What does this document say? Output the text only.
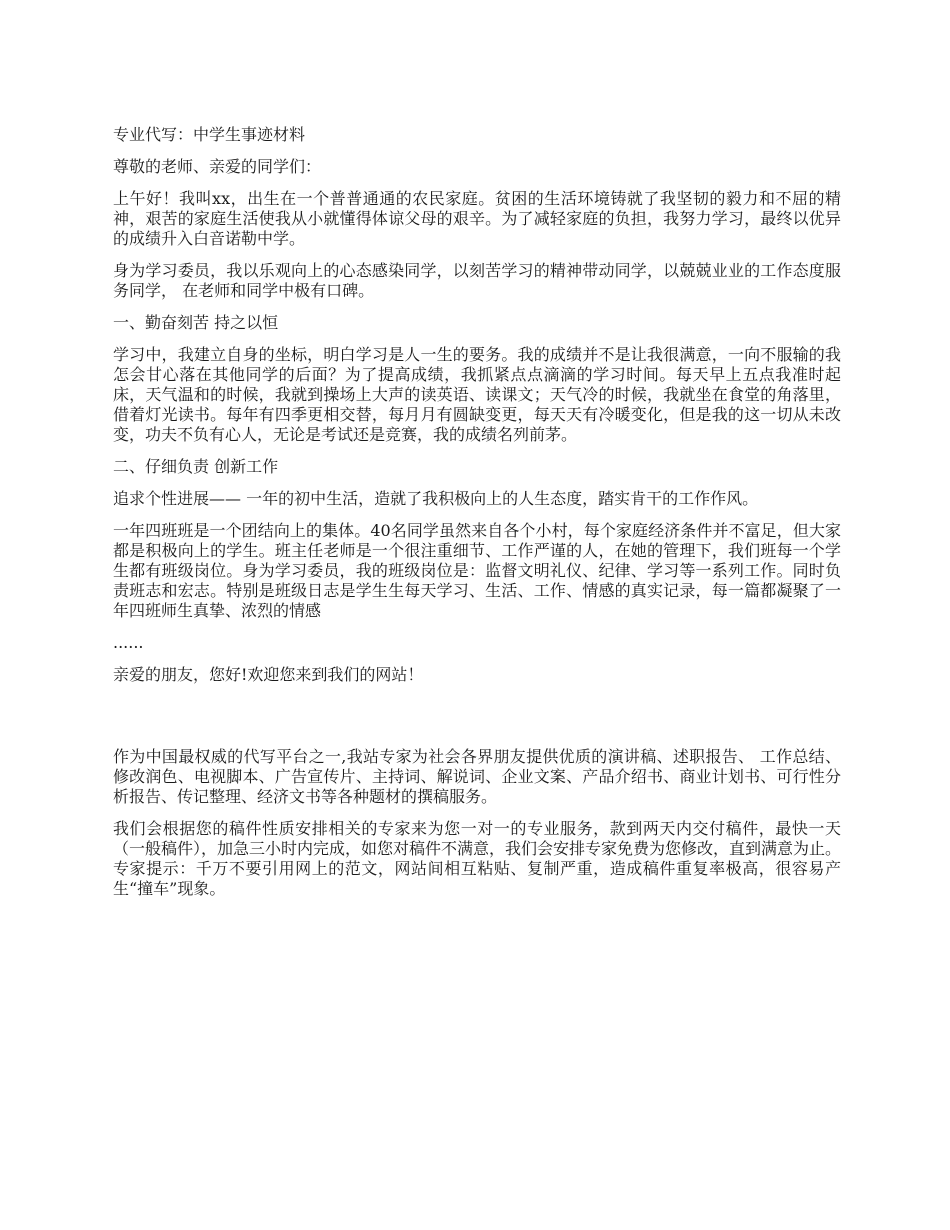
专业代写：中学生事迹材料

尊敬的老师、亲爱的同学们：

上午好！我叫xx，出生在一个普普通通的农民家庭。贫困的生活环境铸就了我坚韧的毅力和不屈的精神，艰苦的家庭生活使我从小就懂得体谅父母的艰辛。为了减轻家庭的负担，我努力学习，最终以优异的成绩升入白音诺勒中学。

身为学习委员，我以乐观向上的心态感染同学，以刻苦学习的精神带动同学，以兢兢业业的工作态度服务同学， 在老师和同学中极有口碑。

一、勤奋刻苦 持之以恒

学习中，我建立自身的坐标，明白学习是人一生的要务。我的成绩并不是让我很满意，一向不服输的我怎会甘心落在其他同学的后面？为了提高成绩，我抓紧点点滴滴的学习时间。每天早上五点我准时起床，天气温和的时候，我就到操场上大声的读英语、读课文；天气冷的时候，我就坐在食堂的角落里，借着灯光读书。每年有四季更相交替，每月月有圆缺变更，每天天有冷暖变化，但是我的这一切从未改变，功夫不负有心人，无论是考试还是竞赛，我的成绩名列前茅。

二、仔细负责 创新工作

追求个性进展—— 一年的初中生活，造就了我积极向上的人生态度，踏实肯干的工作作风。

一年四班班是一个团结向上的集体。40名同学虽然来自各个小村，每个家庭经济条件并不富足，但大家都是积极向上的学生。班主任老师是一个很注重细节、工作严谨的人，在她的管理下，我们班每一个学生都有班级岗位。身为学习委员，我的班级岗位是：监督文明礼仪、纪律、学习等一系列工作。同时负责班志和宏志。特别是班级日志是学生生每天学习、生活、工作、情感的真实记录，每一篇都凝聚了一年四班师生真挚、浓烈的情感

......

亲爱的朋友，您好!欢迎您来到我们的网站！

作为中国最权威的代写平台之一,我站专家为社会各界朋友提供优质的演讲稿、述职报告、 工作总结、修改润色、电视脚本、广告宣传片、主持词、解说词、企业文案、产品介绍书、商业计划书、可行性分析报告、传记整理、经济文书等各种题材的撰稿服务。

我们会根据您的稿件性质安排相关的专家来为您一对一的专业服务，款到两天内交付稿件，最快一天（一般稿件），加急三小时内完成，如您对稿件不满意，我们会安排专家免费为您修改，直到满意为止。专家提示：千万不要引用网上的范文，网站间相互粘贴、复制严重，造成稿件重复率极高，很容易产生“撞车”现象。
